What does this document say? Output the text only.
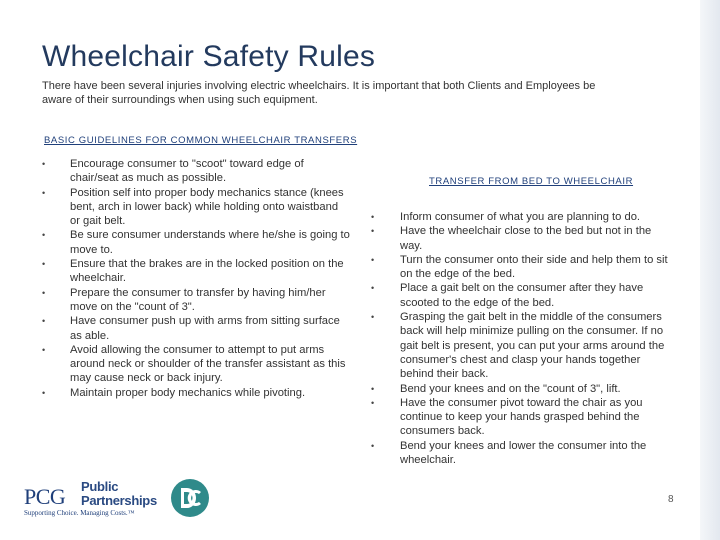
Wheelchair Safety Rules
There have been several injuries involving electric wheelchairs. It is important that both Clients and Employees be aware of their surroundings when using such equipment.
BASIC GUIDELINES FOR COMMON WHEELCHAIR TRANSFERS
• Encourage consumer to "scoot" toward edge of chair/seat as much as possible.
• Position self into proper body mechanics stance (knees bent, arch in lower back) while holding onto waistband or gait belt.
• Be sure consumer understands where he/she is going to move to.
• Ensure that the brakes are in the locked position on the wheelchair.
• Prepare the consumer to transfer by having him/her move on the "count of 3".
• Have consumer push up with arms from sitting surface as able.
• Avoid allowing the consumer to attempt to put arms around neck or shoulder of the transfer assistant as this may cause neck or back injury.
• Maintain proper body mechanics while pivoting.
TRANSFER FROM BED TO WHEELCHAIR
• Inform consumer of what you are planning to do.
• Have the wheelchair close to the bed but not in the way.
• Turn the consumer onto their side and help them to sit on the edge of the bed.
• Place a gait belt on the consumer after they have scooted to the edge of the bed.
• Grasping the gait belt in the middle of the consumers back will help minimize pulling on the consumer. If no gait belt is present, you can put your arms around the consumer's chest and clasp your hands together behind their back.
• Bend your knees and on the "count of 3", lift.
• Have the consumer pivot toward the chair as you continue to keep your hands grasped behind the consumers back.
• Bend your knees and lower the consumer into the wheelchair.
PCG Public
Partnerships
Supporting Choice. Managing Costs.™
8
